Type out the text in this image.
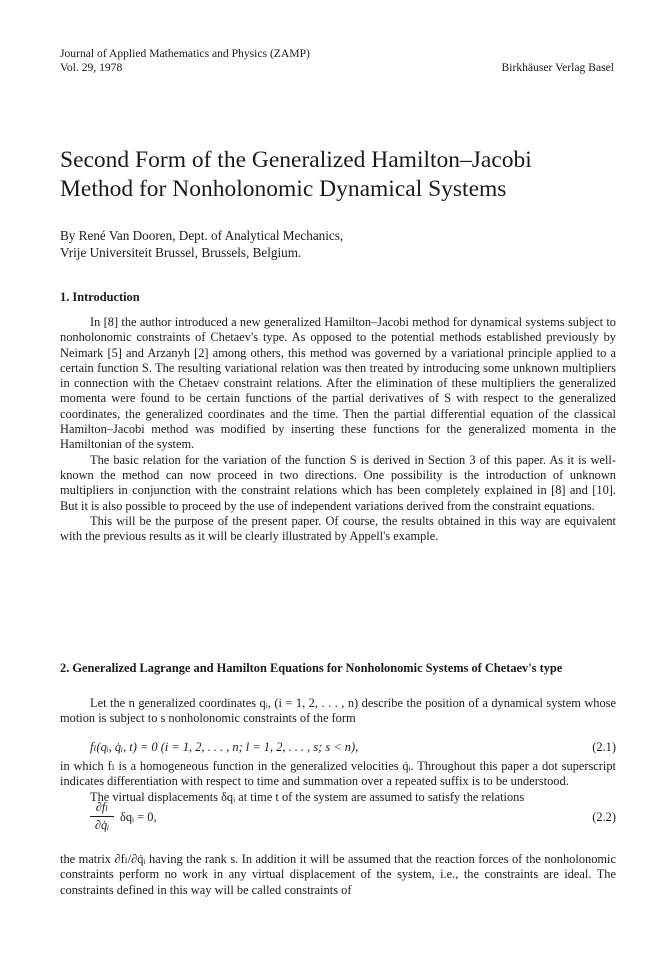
Journal of Applied Mathematics and Physics (ZAMP)
Vol. 29, 1978	Birkhäuser Verlag Basel
Second Form of the Generalized Hamilton–Jacobi
Method for Nonholonomic Dynamical Systems
By René Van Dooren, Dept. of Analytical Mechanics,
Vrije Universiteit Brussel, Brussels, Belgium.
1. Introduction

In [8] the author introduced a new generalized Hamilton–Jacobi method for dynamical systems subject to nonholonomic constraints of Chetaev's type. As opposed to the potential methods established previously by Neimark [5] and Arzanyh [2] among others, this method was governed by a variational principle applied to a certain function S. The resulting variational relation was then treated by introducing some unknown multipliers in connection with the Chetaev constraint relations. After the elimination of these multipliers the generalized momenta were found to be certain functions of the partial derivatives of S with respect to the generalized coordinates, the generalized coordinates and the time. Then the partial differential equation of the classical Hamilton–Jacobi method was modified by inserting these functions for the generalized momenta in the Hamiltonian of the system.

The basic relation for the variation of the function S is derived in Section 3 of this paper. As it is well-known the method can now proceed in two directions. One possibility is the introduction of unknown multipliers in conjunction with the constraint relations which has been completely explained in [8] and [10]. But it is also possible to proceed by the use of independent variations derived from the constraint equations.

This will be the purpose of the present paper. Of course, the results obtained in this way are equivalent with the previous results as it will be clearly illustrated by Appell's example.

2. Generalized Lagrange and Hamilton Equations for Nonholonomic Systems of Chetaev's type

Let the n generalized coordinates qᵢ, (i = 1, 2, . . . , n) describe the position of a dynamical system whose motion is subject to s nonholonomic constraints of the form

fₗ(qᵢ, q̇ᵢ, t) = 0 (i = 1, 2, . . . , n; l = 1, 2, . . . , s; s < n),	(2.1)

in which fₗ is a homogeneous function in the generalized velocities q̇ᵢ. Throughout this paper a dot superscript indicates differentiation with respect to time and summation over a repeated suffix is to be understood.

The virtual displacements δqᵢ at time t of the system are assumed to satisfy the relations

∂fₗ
∂q̇ᵢ
δqᵢ = 0,	(2.2)

the matrix ∂fₗ/∂q̇ᵢ having the rank s. In addition it will be assumed that the reaction forces of the nonholonomic constraints perform no work in any virtual displacement of the system, i.e., the constraints are ideal. The constraints defined in this way will be called constraints of
